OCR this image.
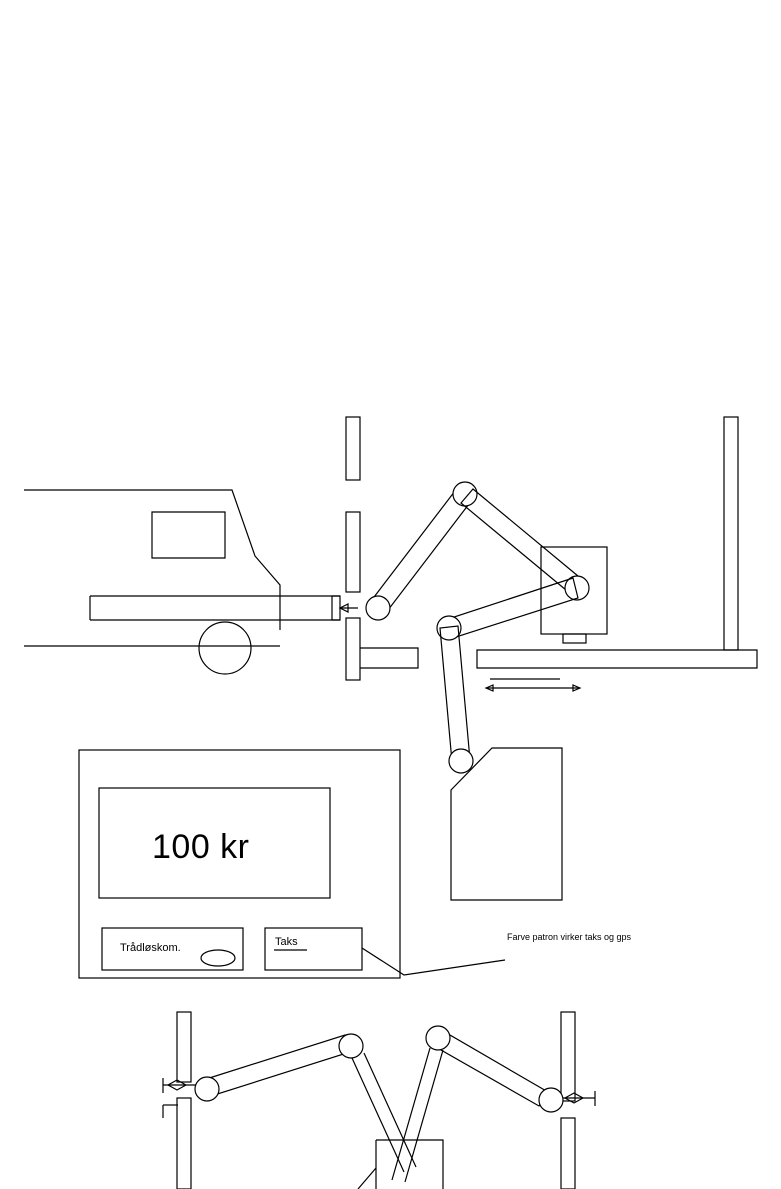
100 kr
Trådløskom.	Taks	Farve patron virker taks og gps
